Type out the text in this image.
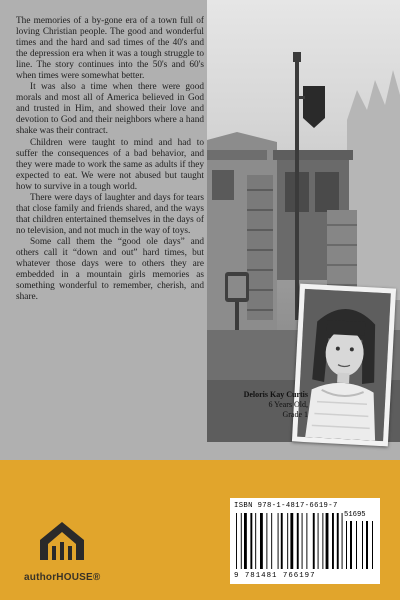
The memories of a by-gone era of a town full of loving Christian people. The good and wonderful times and the hard and sad times of the 40's and the depression era when it was a tough struggle to line. The story continues into the 50's and 60's when times were somewhat better.

It was also a time when there were good morals and most all of America believed in God and trusted in Him, and showed their love and devotion to God and their neighbors where a hand shake was their contract.

Children were taught to mind and had to suffer the consequences of a bad behavior, and they were made to work the same as adults if they expected to eat. We were not abused but taught how to survive in a tough world.

There were days of laughter and days for tears that close family and friends shared, and the ways that children entertained themselves in the days of no television, and not much in the way of toys.

Some call them the “good ole days” and others call it “down and out” hard times, but whatever those days were to others they are embedded in a mountain girls memories as something wonderful to remember, cherish, and share.

Deloris Kay Curtis
6 Years Old,
Grade 1
authorHOUSE®
ISBN 978-1-4817-6619-7
51695
9 781481 766197
